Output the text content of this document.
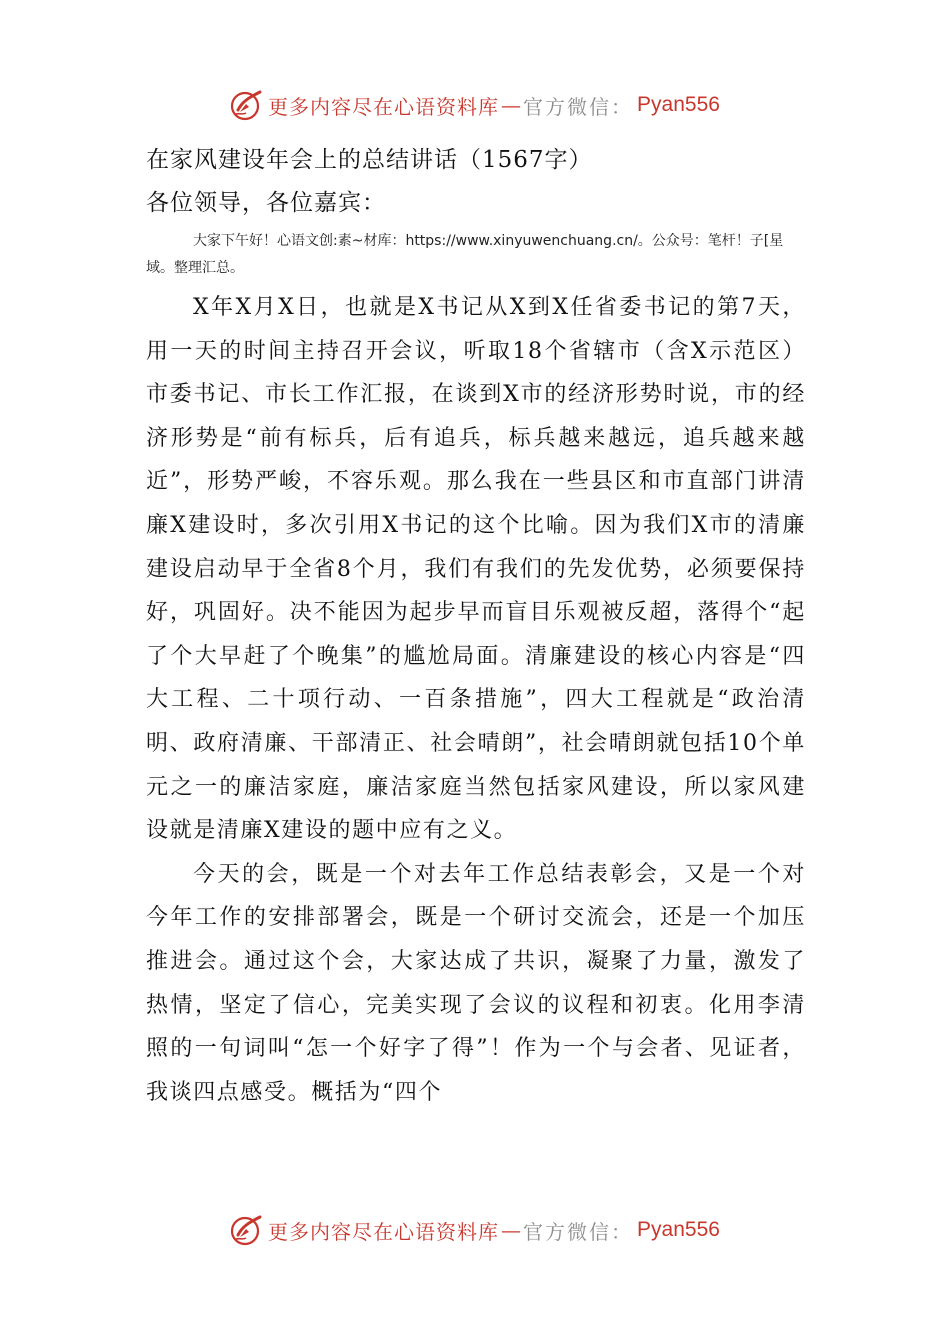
更多内容尽在心语资料库 — 官方微信： Pyan556

在家风建设年会上的总结讲话（1567字）

各位领导，各位嘉宾：

大家下午好！心语文创:素~材库：https://www.xinyuwenchuang.cn/。公众号：笔杆！子[星域。整理汇总。

X年X月X日，也就是X书记从X到X任省委书记的第7天，用一天的时间主持召开会议，听取18个省辖市（含X示范区）市委书记、市长工作汇报，在谈到X市的经济形势时说，市的经济形势是“前有标兵，后有追兵，标兵越来越远，追兵越来越近”，形势严峻，不容乐观。那么我在一些县区和市直部门讲清廉X建设时，多次引用X书记的这个比喻。因为我们X市的清廉建设启动早于全省8个月，我们有我们的先发优势，必须要保持好，巩固好。决不能因为起步早而盲目乐观被反超，落得个“起了个大早赶了个晚集”的尴尬局面。清廉建设的核心内容是“四大工程、二十项行动、一百条措施”，四大工程就是“政治清明、政府清廉、干部清正、社会晴朗”，社会晴朗就包括10个单元之一的廉洁家庭，廉洁家庭当然包括家风建设，所以家风建设就是清廉X建设的题中应有之义。

今天的会，既是一个对去年工作总结表彰会，又是一个对今年工作的安排部署会，既是一个研讨交流会，还是一个加压推进会。通过这个会，大家达成了共识，凝聚了力量，激发了热情，坚定了信心，完美实现了会议的议程和初衷。化用李清照的一句词叫“怎一个好字了得”！作为一个与会者、见证者，我谈四点感受。概括为“四个

更多内容尽在心语资料库 — 官方微信： Pyan556
